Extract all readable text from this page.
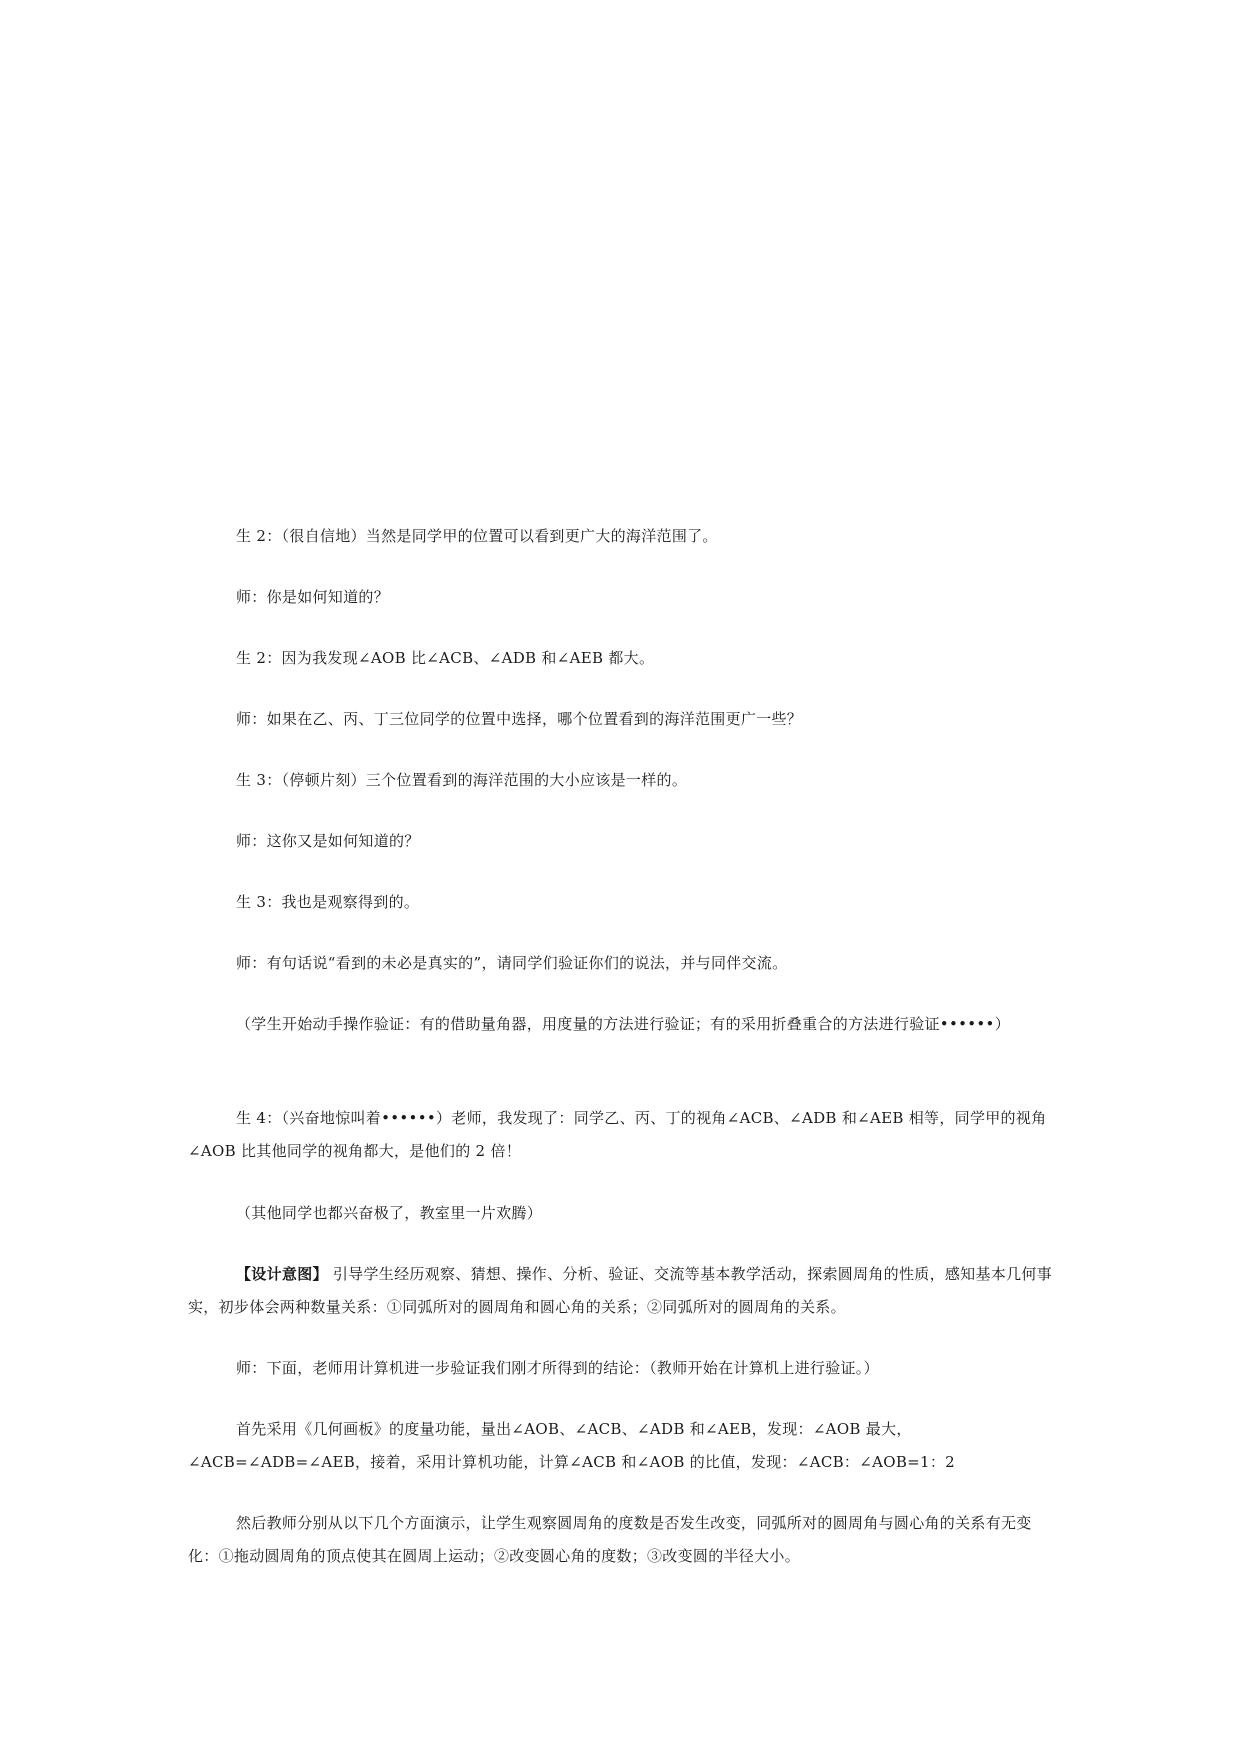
生 2：（很自信地）当然是同学甲的位置可以看到更广大的海洋范围了。

师：你是如何知道的？

生 2：因为我发现∠AOB 比∠ACB、∠ADB 和∠AEB 都大。

师：如果在乙、丙、丁三位同学的位置中选择，哪个位置看到的海洋范围更广一些？

生 3：（停顿片刻）三个位置看到的海洋范围的大小应该是一样的。

师：这你又是如何知道的？

生 3：我也是观察得到的。

师：有句话说“看到的未必是真实的”，请同学们验证你们的说法，并与同伴交流。

（学生开始动手操作验证：有的借助量角器，用度量的方法进行验证；有的采用折叠重合的方法进行验证••••••）

生 4：（兴奋地惊叫着••••••）老师，我发现了：同学乙、丙、丁的视角∠ACB、∠ADB 和∠AEB 相等，同学甲的视角∠AOB 比其他同学的视角都大，是他们的 2 倍！

（其他同学也都兴奋极了，教室里一片欢腾）

【设计意图】 引导学生经历观察、猜想、操作、分析、验证、交流等基本教学活动，探索圆周角的性质，感知基本几何事实，初步体会两种数量关系：①同弧所对的圆周角和圆心角的关系；②同弧所对的圆周角的关系。

师：下面，老师用计算机进一步验证我们刚才所得到的结论：（教师开始在计算机上进行验证。）

首先采用《几何画板》的度量功能，量出∠AOB、∠ACB、∠ADB 和∠AEB，发现：∠AOB 最大，∠ACB=∠ADB=∠AEB，接着，采用计算机功能，计算∠ACB 和∠AOB 的比值，发现：∠ACB：∠AOB=1：2

然后教师分别从以下几个方面演示，让学生观察圆周角的度数是否发生改变，同弧所对的圆周角与圆心角的关系有无变化：①拖动圆周角的顶点使其在圆周上运动；②改变圆心角的度数；③改变圆的半径大小。
